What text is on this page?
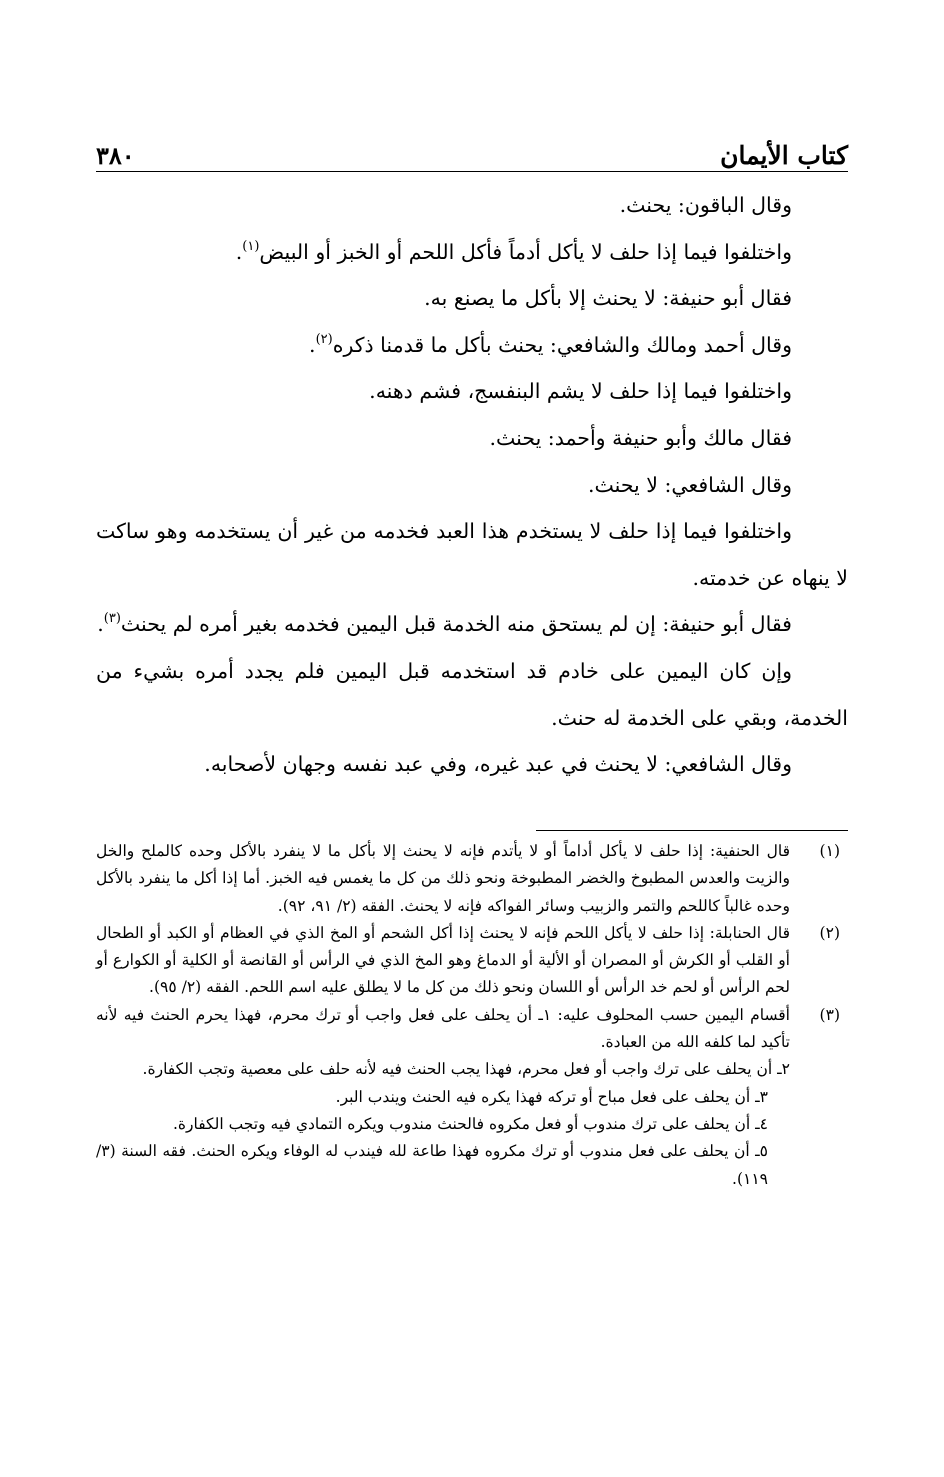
كتاب الأيمان
٣٨٠

وقال الباقون: يحنث.

واختلفوا فيما إذا حلف لا يأكل أدماً فأكل اللحم أو الخبز أو البيض$^{(١)}$.

فقال أبو حنيفة: لا يحنث إلا بأكل ما يصنع به.

وقال أحمد ومالك والشافعي: يحنث بأكل ما قدمنا ذكره$^{(٢)}$.

واختلفوا فيما إذا حلف لا يشم البنفسج، فشم دهنه.

فقال مالك وأبو حنيفة وأحمد: يحنث.

وقال الشافعي: لا يحنث.

واختلفوا فيما إذا حلف لا يستخدم هذا العبد فخدمه من غير أن يستخدمه وهو ساكت لا ينهاه عن خدمته.

فقال أبو حنيفة: إن لم يستحق منه الخدمة قبل اليمين فخدمه بغير أمره لم يحنث$^{(٣)}$.

وإن كان اليمين على خادم قد استخدمه قبل اليمين فلم يجدد أمره بشيء من الخدمة، وبقي على الخدمة له حنث.

وقال الشافعي: لا يحنث في عبد غيره، وفي عبد نفسه وجهان لأصحابه.

(١)

قال الحنفية: إذا حلف لا يأكل أداماً أو لا يأتدم فإنه لا يحنث إلا بأكل ما لا ينفرد بالأكل وحده كالملح والخل والزيت والعدس المطبوخ والخضر المطبوخة ونحو ذلك من كل ما يغمس فيه الخبز. أما إذا أكل ما ينفرد بالأكل وحده غالباً كاللحم والتمر والزبيب وسائر الفواكه فإنه لا يحنث. الفقه (٢/ ٩١، ٩٢).

(٢)

قال الحنابلة: إذا حلف لا يأكل اللحم فإنه لا يحنث إذا أكل الشحم أو المخ الذي في العظام أو الكبد أو الطحال أو القلب أو الكرش أو المصران أو الألية أو الدماغ وهو المخ الذي في الرأس أو القانصة أو الكلية أو الكوارع أو لحم الرأس أو لحم خد الرأس أو اللسان ونحو ذلك من كل ما لا يطلق عليه اسم اللحم. الفقه (٢/ ٩٥).

(٣)

أقسام اليمين حسب المحلوف عليه: ١ـ أن يحلف على فعل واجب أو ترك محرم، فهذا يحرم الحنث فيه لأنه تأكيد لما كلفه الله من العبادة.

٢ـ أن يحلف على ترك واجب أو فعل محرم، فهذا يجب الحنث فيه لأنه حلف على معصية وتجب الكفارة.

٣ـ أن يحلف على فعل مباح أو تركه فهذا يكره فيه الحنث ويندب البر.

٤ـ أن يحلف على ترك مندوب أو فعل مكروه فالحنث مندوب ويكره التمادي فيه وتجب الكفارة.

٥ـ أن يحلف على فعل مندوب أو ترك مكروه فهذا طاعة لله فيندب له الوفاء ويكره الحنث. فقه السنة (٣/ ١١٩).
